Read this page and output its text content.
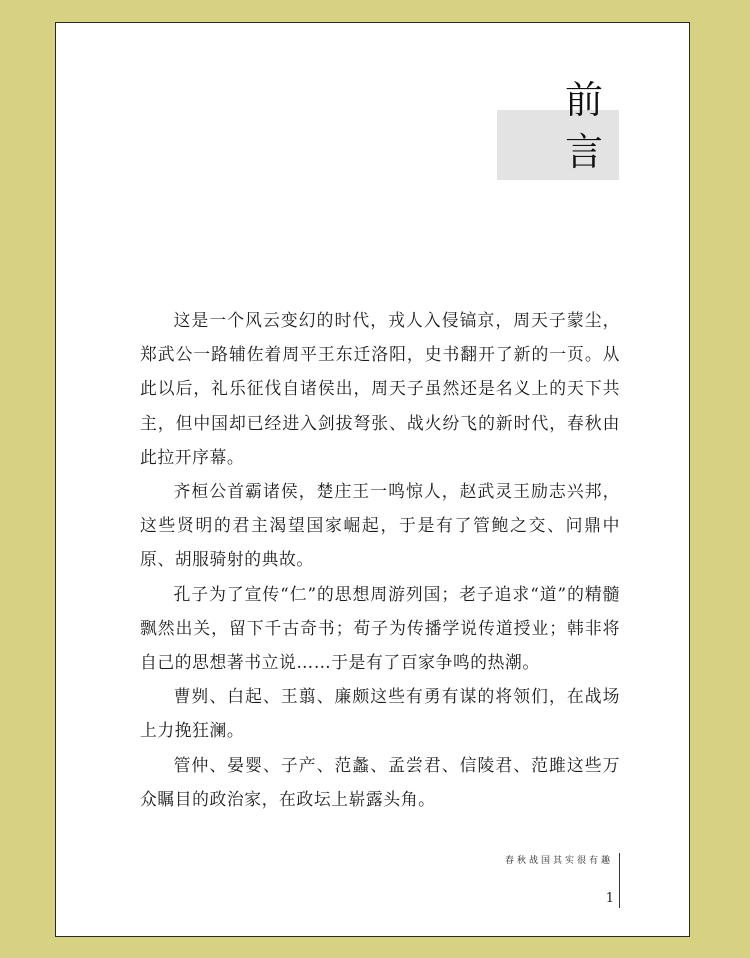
前
言

这是一个风云变幻的时代，戎人入侵镐京，周天子蒙尘，郑武公一路辅佐着周平王东迁洛阳，史书翻开了新的一页。从此以后，礼乐征伐自诸侯出，周天子虽然还是名义上的天下共主，但中国却已经进入剑拔弩张、战火纷飞的新时代，春秋由此拉开序幕。

齐桓公首霸诸侯，楚庄王一鸣惊人，赵武灵王励志兴邦，这些贤明的君主渴望国家崛起，于是有了管鲍之交、问鼎中原、胡服骑射的典故。

孔子为了宣传“仁”的思想周游列国；老子追求“道”的精髓飘然出关，留下千古奇书；荀子为传播学说传道授业；韩非将自己的思想著书立说……于是有了百家争鸣的热潮。

曹刿、白起、王翦、廉颇这些有勇有谋的将领们，在战场上力挽狂澜。

管仲、晏婴、子产、范蠡、孟尝君、信陵君、范雎这些万众瞩目的政治家，在政坛上崭露头角。

春秋战国其实很有趣
1
